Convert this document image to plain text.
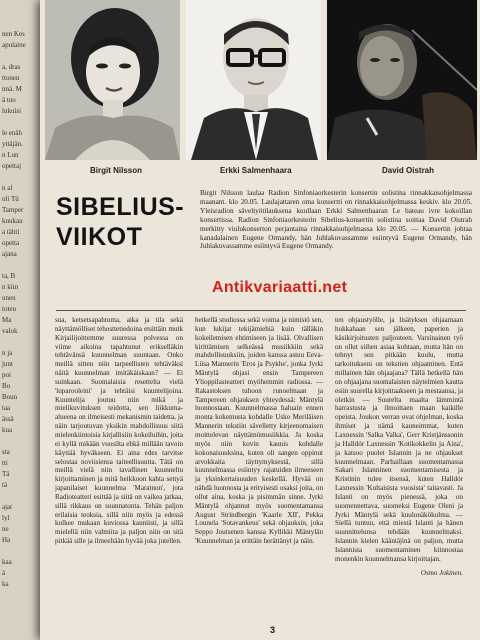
nen Kes
apulaine
a, dras
ttonen
nnä. M
ä tuo
lukuisi
le enäh
yttäjän.
n Lun
opettaj
n al
oli Tü
Tamper
kuukau
a tähti
opetta
ajana
ta, B
n kiin
unen
toteu
Ma
valok
n ja
junt
poi
Bo
Boun
taa
ässä
kua
sta
tti
Tä
tä
ajat
lyl
ne
Ha
kaa
ä
ka
Birgit Nilsson	Erkki Salmenhaara	David Oistrah
SIBELIUS-
VIIKOT
Birgit Nilsson laulaa Radion Sinfoniaorkesterin konsertin solistina rinnakkaisohjelmassa maanant. klo 20.05. Laulajattaren oma konsertti on rinnakkaisohjelmassa keskiv. klo 20.05. Yleisradion säveltyötilauksena kuullaan Erkki Salmenhaaran Le bateau ivre kokoillan konsertissa. Radion Sinfoniaorkesterin Sibelius-konsertin solistina soittaa David Oistrah merkitty viulukonserton perjantaina rinnakkaisohjelmassa klo 20.05. — Konsertin johtaa kanadalainen Eugene Ormandy, hän Juhlakuvassamme esiintyvä Eugene Ormandy, hän Juhlakuvassamme esiintyvä Eugene Ormandy.
Antikvariaatti.net
sua, ketsetsapahtuma, aika ja tila sekä näyttämölliset tehosttetiedoina etsittäin mutk Kirjailijoittemme suuressa polvessa on viime aikoina tapahtunut erikselläkin tehtävänsä kuunnelman suuntaan. Onko meillä sitten niin tarpeellisten tehtäväksi näitä kuunnelman imitäkäiskaan? — Ei suinkaan. Suomalaisia resettelta vielä 'luparooleini' ja tehtäisi kuuntelijoina. Kuuntelija joutuu niin mikä ja mielikuvituksen teidotta, sen liikkuma-alueena on ilmeisesti mekanismin taidetta, ja näin tarjoutuvan yksikin mahdollisuus siitä mielenkiintoisia kirjallisiin kokeiluihin, joita ei kyllä mikään vuosilta ehkä millään tavoin käyttää hyväkseen. Ei aina edes tarvitse selostaa noviisiensa taiteellisuutta. Tätä on meillä vielä niin tavallinen kuunneltu kirjoittaminen ja mitä heikkoon kahta settyä japanilaiset kuunnelma 'Maratnon', jota Radioteatteri esittää ja siitä on vaikea jatkaa, sillä rikkaus on suunnatonta. Tehän paljon erilaisia teoksia, sillä niin myös ja edessä kulkee mukaan kuviossa kauniisti, ja sillä mielellä niin valmiita ja paljon niin on sitä pitkää sille ja ilmeeltään hyvää joka jutellen.
hetkellä studiossa sekä voima ja nimistö sen, kun lukijat tekijämiehiä kuin tälläkin kokeilemisen ehtimiseen ja lisää. Olvallisen kirittämisen selkeässä musiikkiin sekä mahdollisuuksiin, joiden kanssa astuu Eeva-Liisa Mannerin 'Eros ja Psykhe', jonka Jyrki Mäntylä ohjasi ensin Tampereen Ylioppilasteatteri myöhemmin radiossa. — Rakastoksen tuhoon runoelmaan ja Tampereen ohjauksen yhteydessä: Mäntylä luonnostaan. Kuunnelmassa haluain ennen monta kokemusta kohdalle Usko Meriläisen Mannerin tekstiin sävelletty kirjeenomaisen moittelevan näyttämömusiikkia. Ja koska myös niin kovin kaunis kohdalle kokonaisuuksina, kuten oli sangen oppinut arvokkaita täyttymyksestä, sillä kuunnelmassa esiintyy rajatuiden ilmeeseen ja yksinkertaisuuden keskellä. Hyvää on nähdä luonnosta ja erityisesti osaksi joita, on ollut aina, koska ja pisimmän sinne. Jyrki Mäntylä ohjannut myös suomentamansa August Strindbergin 'Kaarle XII', Pekka Lounela 'Sotavankeus' sekä ohjauksin, joka Seppo Joutsenen kanssa Kyllikki Mäntylän 'Kuunnelman ja erittäin herättänyt ja näin.
ten ohjaustyölle, ja lisätyksen ohjaamaan hukkahaan sen jälkeen, paperien ja käsikirjoitusten paljouteen. Varsinainen työ on ollut siihen asiaa kohtaan, mutta hän on tehnyt sen pitkään kuulu, mutta tarkoitukseni on tekstien ohjaaminen. Entä millainen hän ohjaajana? Tällä hetkellä hän on ohjaajana suomalaisten näytelmien kautta esiin suurella kirjoittaakseen ja mestaansa, ja oletkin — Suurelta maalta lämmintä harrastusta ja ilmoittaen maan kaikille opeista. Joukon verran ovat ohjelman, koska ihmiset ja nämä kauneimmat, kuten Laxnessin 'Salka Valka', Gerr Kristjánssonin ja Halldór Laxnessin 'Kotikokkelin ja Aina', ja katsoo puolet Islannin ja ne ohjaukset kuunnelmaan. Parhaillaan suomentamassa Sakari Islanninen suomentamisesta ja Kristinin tulee itsensä, kuten Halldór Laxnessin 'Kultaisista vuosista' taitavasti. Ja Islanti on myös pienessä, joka on suomennettava, suomeksi Eugene Oleni ja Jyrki Mäntylä sekä kuulonäkökulma. — Siellä tuntuu, että miestä Islanti ja hänen suunnittelunsa tehdään kuunnelmaksi. Islannin kielen kääntäjinä on paljon, mutta Islannista suomentaminen kiinnostaa monenkin kuunnelmansa kirjoittajan.
Osmo Jokinen.
3
